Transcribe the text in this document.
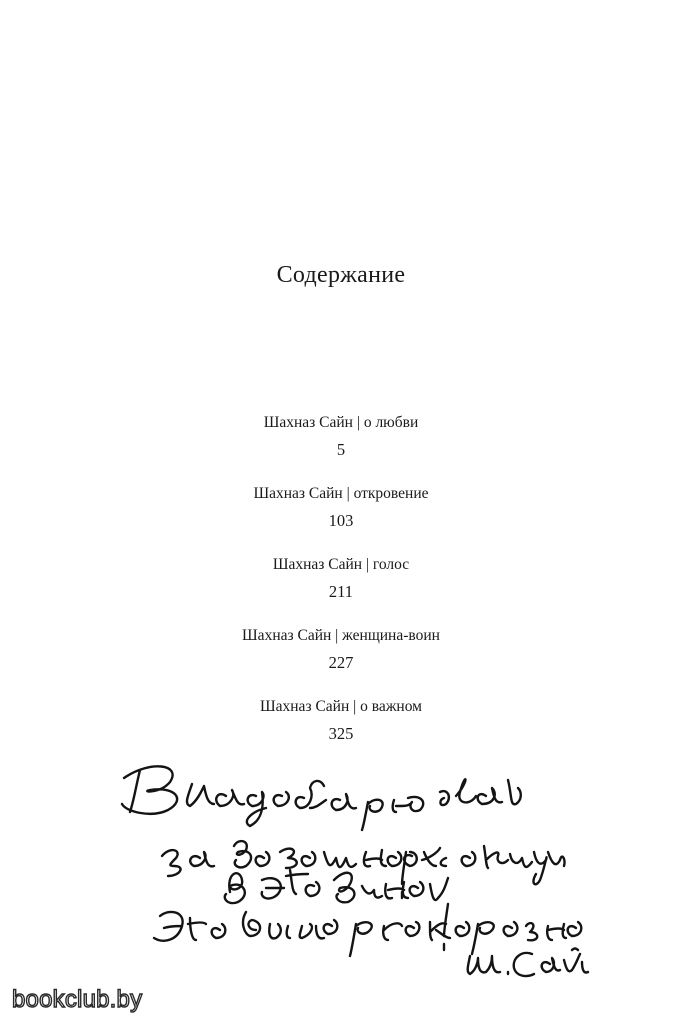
Содержание
Шахназ Сайн | о любви
5
Шахназ Сайн | откровение
103
Шахназ Сайн | голос
211
Шахназ Сайн | женщина-воин
227
Шахназ Сайн | о важном
325
bookclub.by
